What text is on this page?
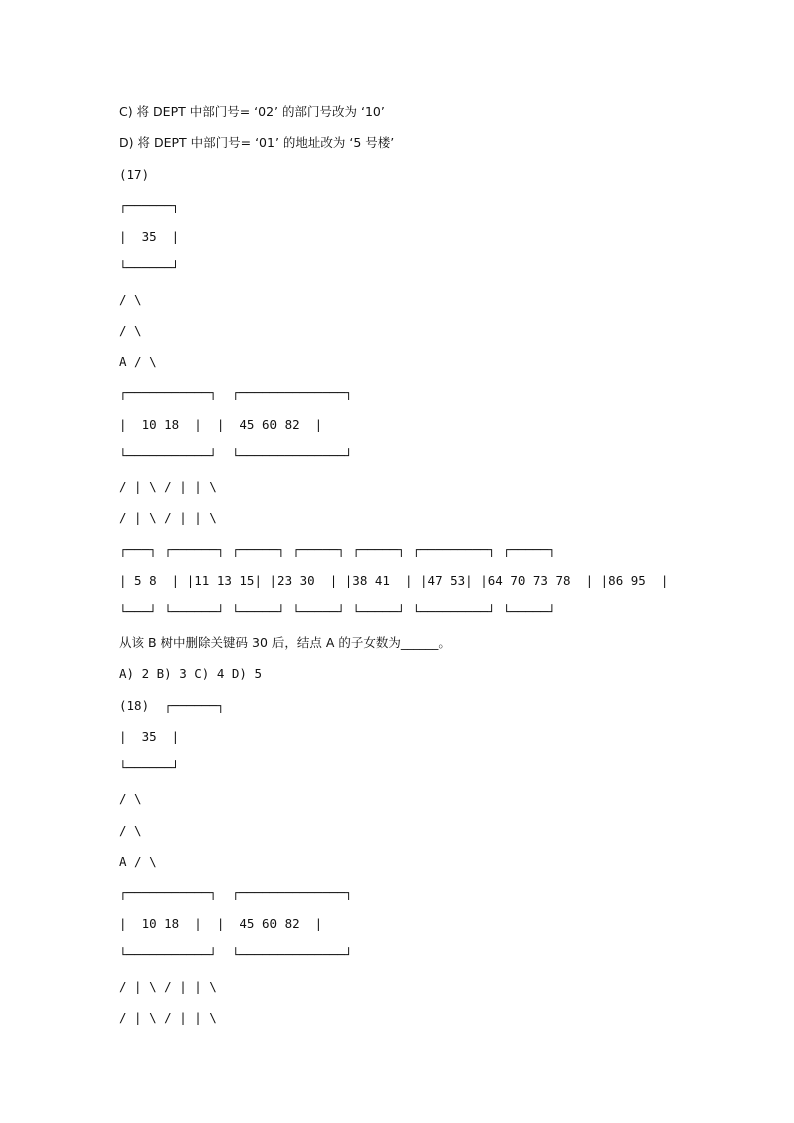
C) 将 DEPT 中部门号= ‘02’ 的部门号改为 ‘10’
D) 将 DEPT 中部门号= ‘01’ 的地址改为 ‘5 号楼’
(17)
┌──────┐
|  35  |
└──────┘
/ \
/ \
A / \
┌───────────┐  ┌──────────────┐
|  10 18  |  |  45 60 82  |
└───────────┘  └──────────────┘
/ | \ / | | \
/ | \ / | | \
┌───┐ ┌──────┐ ┌─────┐ ┌─────┐ ┌─────┐ ┌─────────┐ ┌─────┐
| 5 8  | |11 13 15| |23 30  | |38 41  | |47 53| |64 70 73 78  | |86 95  |
└───┘ └──────┘ └─────┘ └─────┘ └─────┘ └─────────┘ └─────┘
从该 B 树中删除关键码 30 后，结点 A 的子女数为______。
A) 2 B) 3 C) 4 D) 5
(18)  ┌──────┐
|  35  |
└──────┘
/ \
/ \
A / \
┌───────────┐  ┌──────────────┐
|  10 18  |  |  45 60 82  |
└───────────┘  └──────────────┘
/ | \ / | | \
/ | \ / | | \
